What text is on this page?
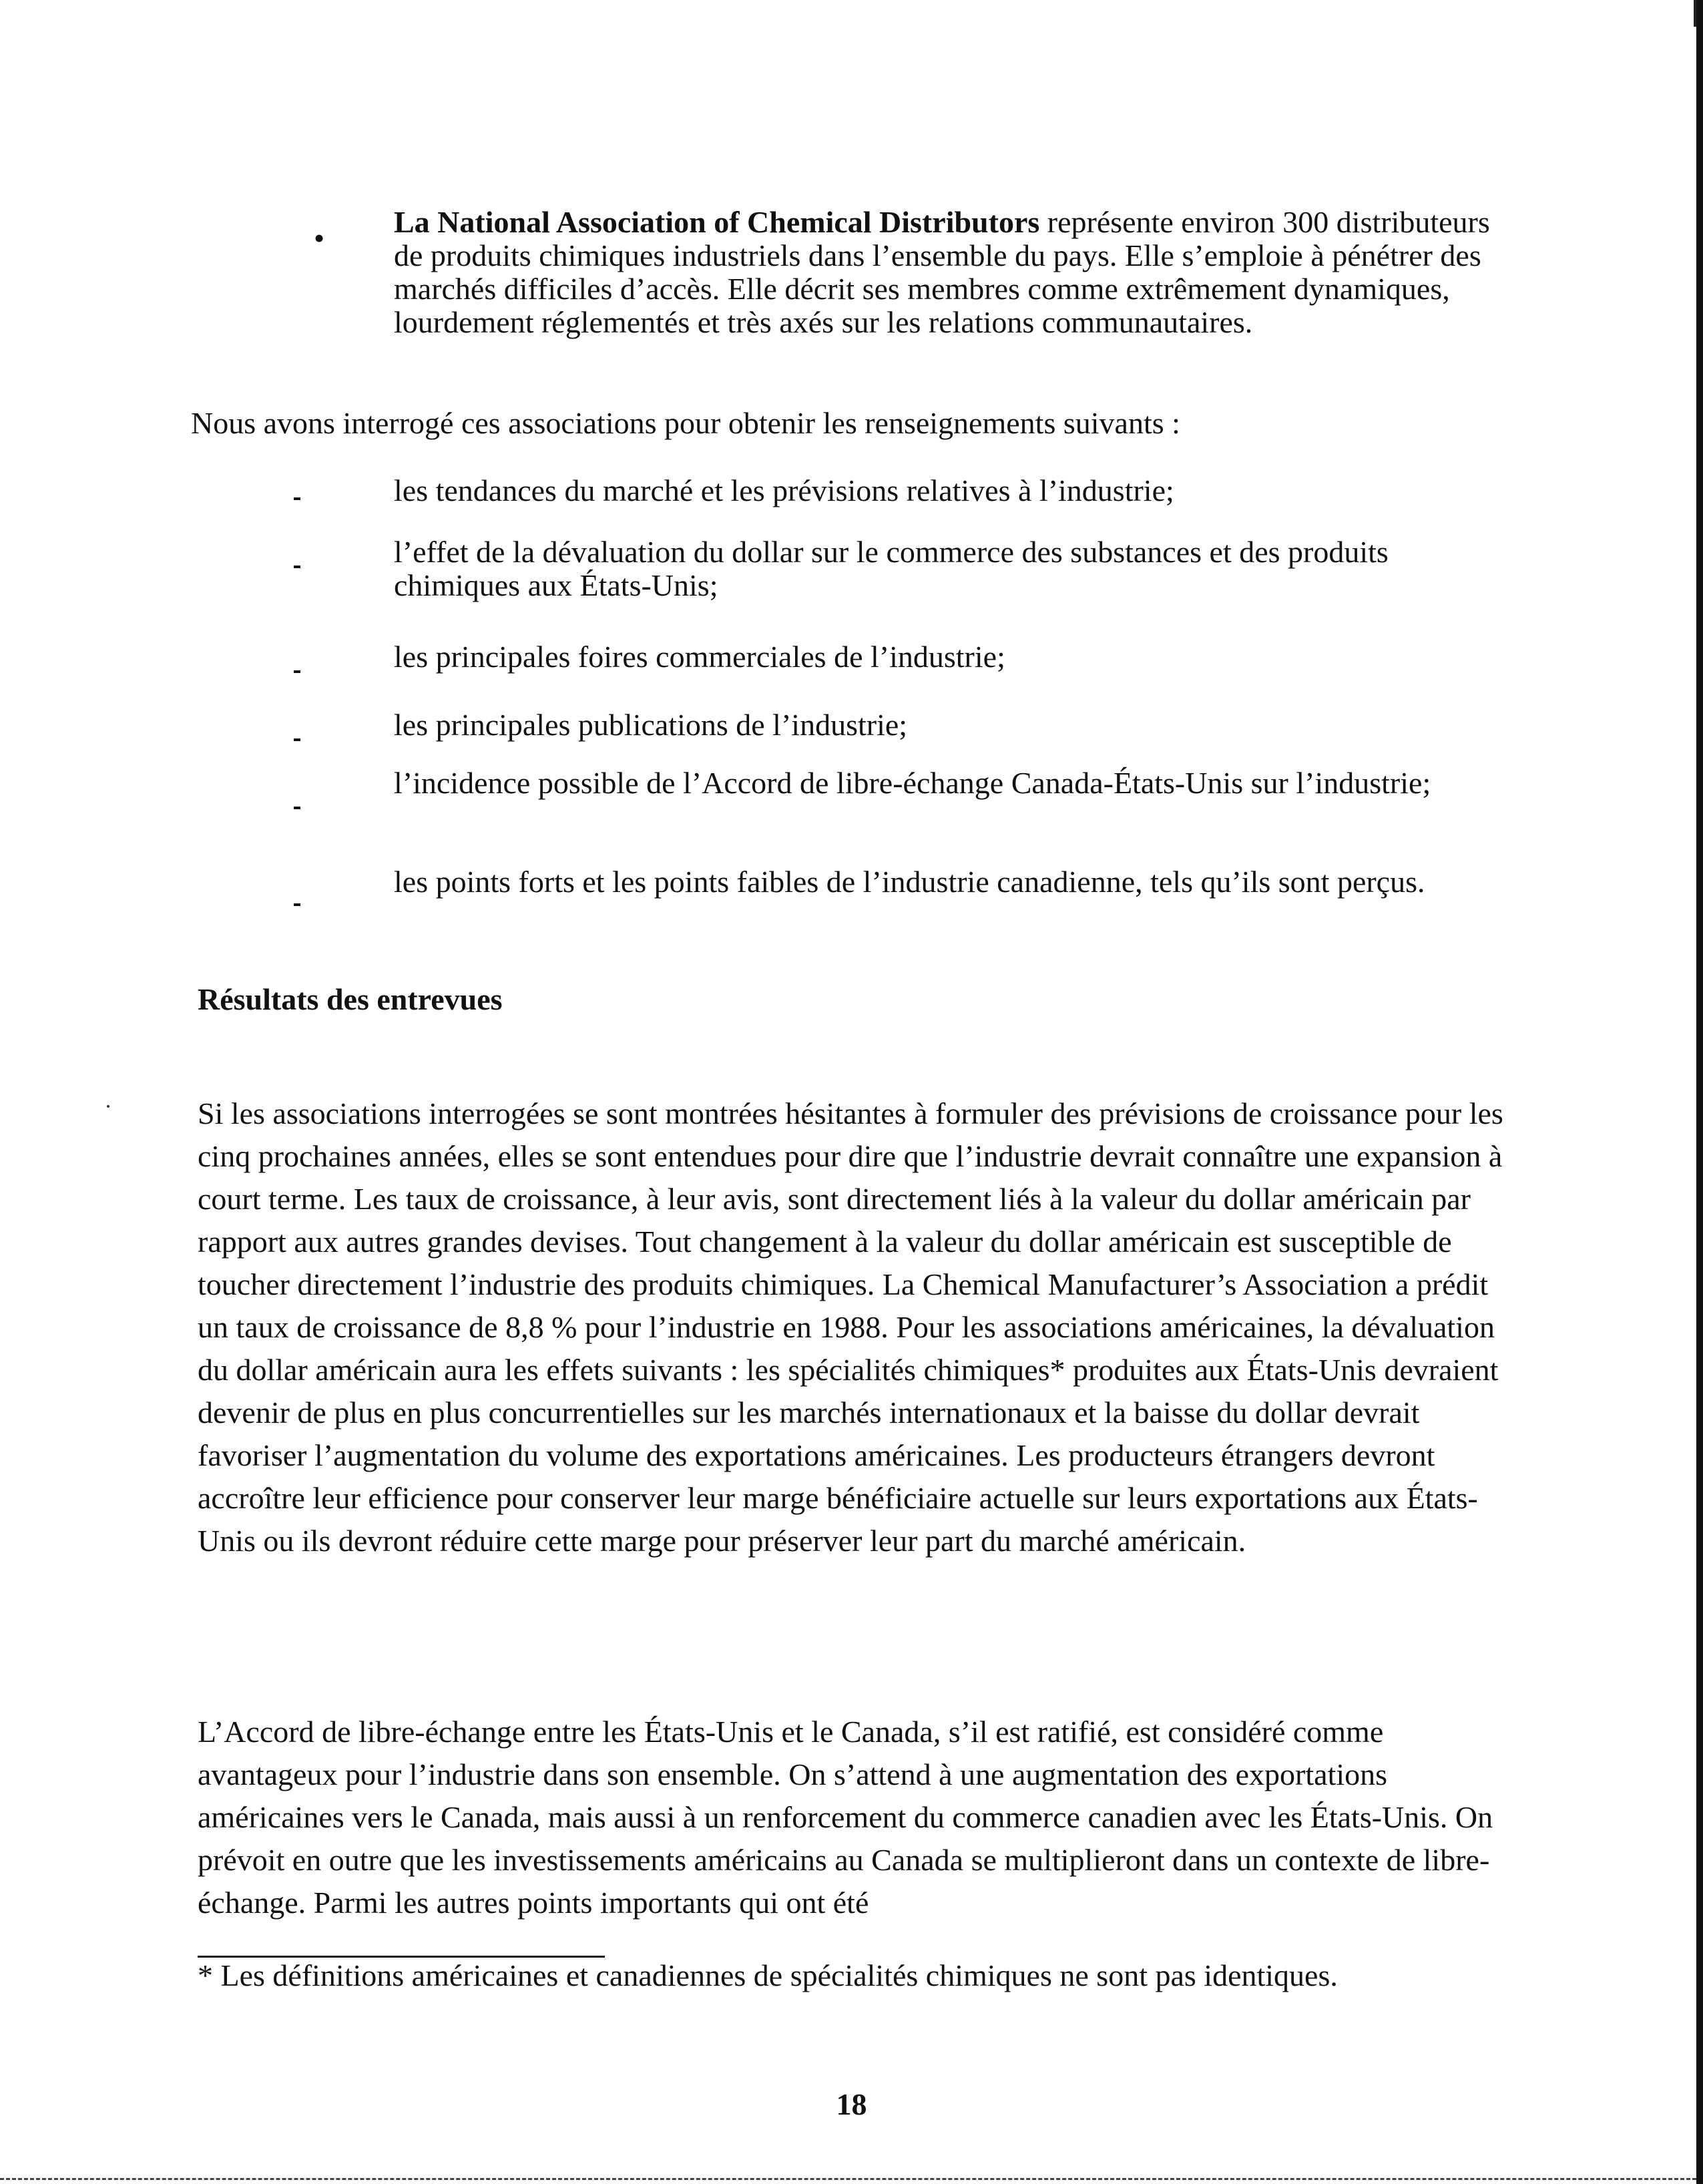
• La National Association of Chemical Distributors représente environ 300 distributeurs de produits chimiques industriels dans l’ensemble du pays. Elle s’emploie à pénétrer des marchés difficiles d’accès. Elle décrit ses membres comme extrêmement dynamiques, lourdement réglementés et très axés sur les relations communautaires.

Nous avons interrogé ces associations pour obtenir les renseignements suivants :

les tendances du marché et les prévisions relatives à l’industrie;
l’effet de la dévaluation du dollar sur le commerce des substances et des produits chimiques aux États-Unis;
les principales foires commerciales de l’industrie;
les principales publications de l’industrie;
l’incidence possible de l’Accord de libre-échange Canada-États-Unis sur l’industrie;
les points forts et les points faibles de l’industrie canadienne, tels qu’ils sont perçus.

Résultats des entrevues

Si les associations interrogées se sont montrées hésitantes à formuler des prévisions de croissance pour les cinq prochaines années, elles se sont entendues pour dire que l’industrie devrait connaître une expansion à court terme. Les taux de croissance, à leur avis, sont directement liés à la valeur du dollar américain par rapport aux autres grandes devises. Tout changement à la valeur du dollar américain est susceptible de toucher directement l’industrie des produits chimiques. La Chemical Manufacturer’s Association a prédit un taux de croissance de 8,8 % pour l’industrie en 1988. Pour les associations américaines, la dévaluation du dollar américain aura les effets suivants : les spécialités chimiques* produites aux États-Unis devraient devenir de plus en plus concurrentielles sur les marchés internationaux et la baisse du dollar devrait favoriser l’augmentation du volume des exportations américaines. Les producteurs étrangers devront accroître leur efficience pour conserver leur marge bénéficiaire actuelle sur leurs exportations aux États-Unis ou ils devront réduire cette marge pour préserver leur part du marché américain.

L’Accord de libre-échange entre les États-Unis et le Canada, s’il est ratifié, est considéré comme avantageux pour l’industrie dans son ensemble. On s’attend à une augmentation des exportations américaines vers le Canada, mais aussi à un renforcement du commerce canadien avec les États-Unis. On prévoit en outre que les investissements américains au Canada se multiplieront dans un contexte de libre-échange. Parmi les autres points importants qui ont été

* Les définitions américaines et canadiennes de spécialités chimiques ne sont pas identiques.

18
